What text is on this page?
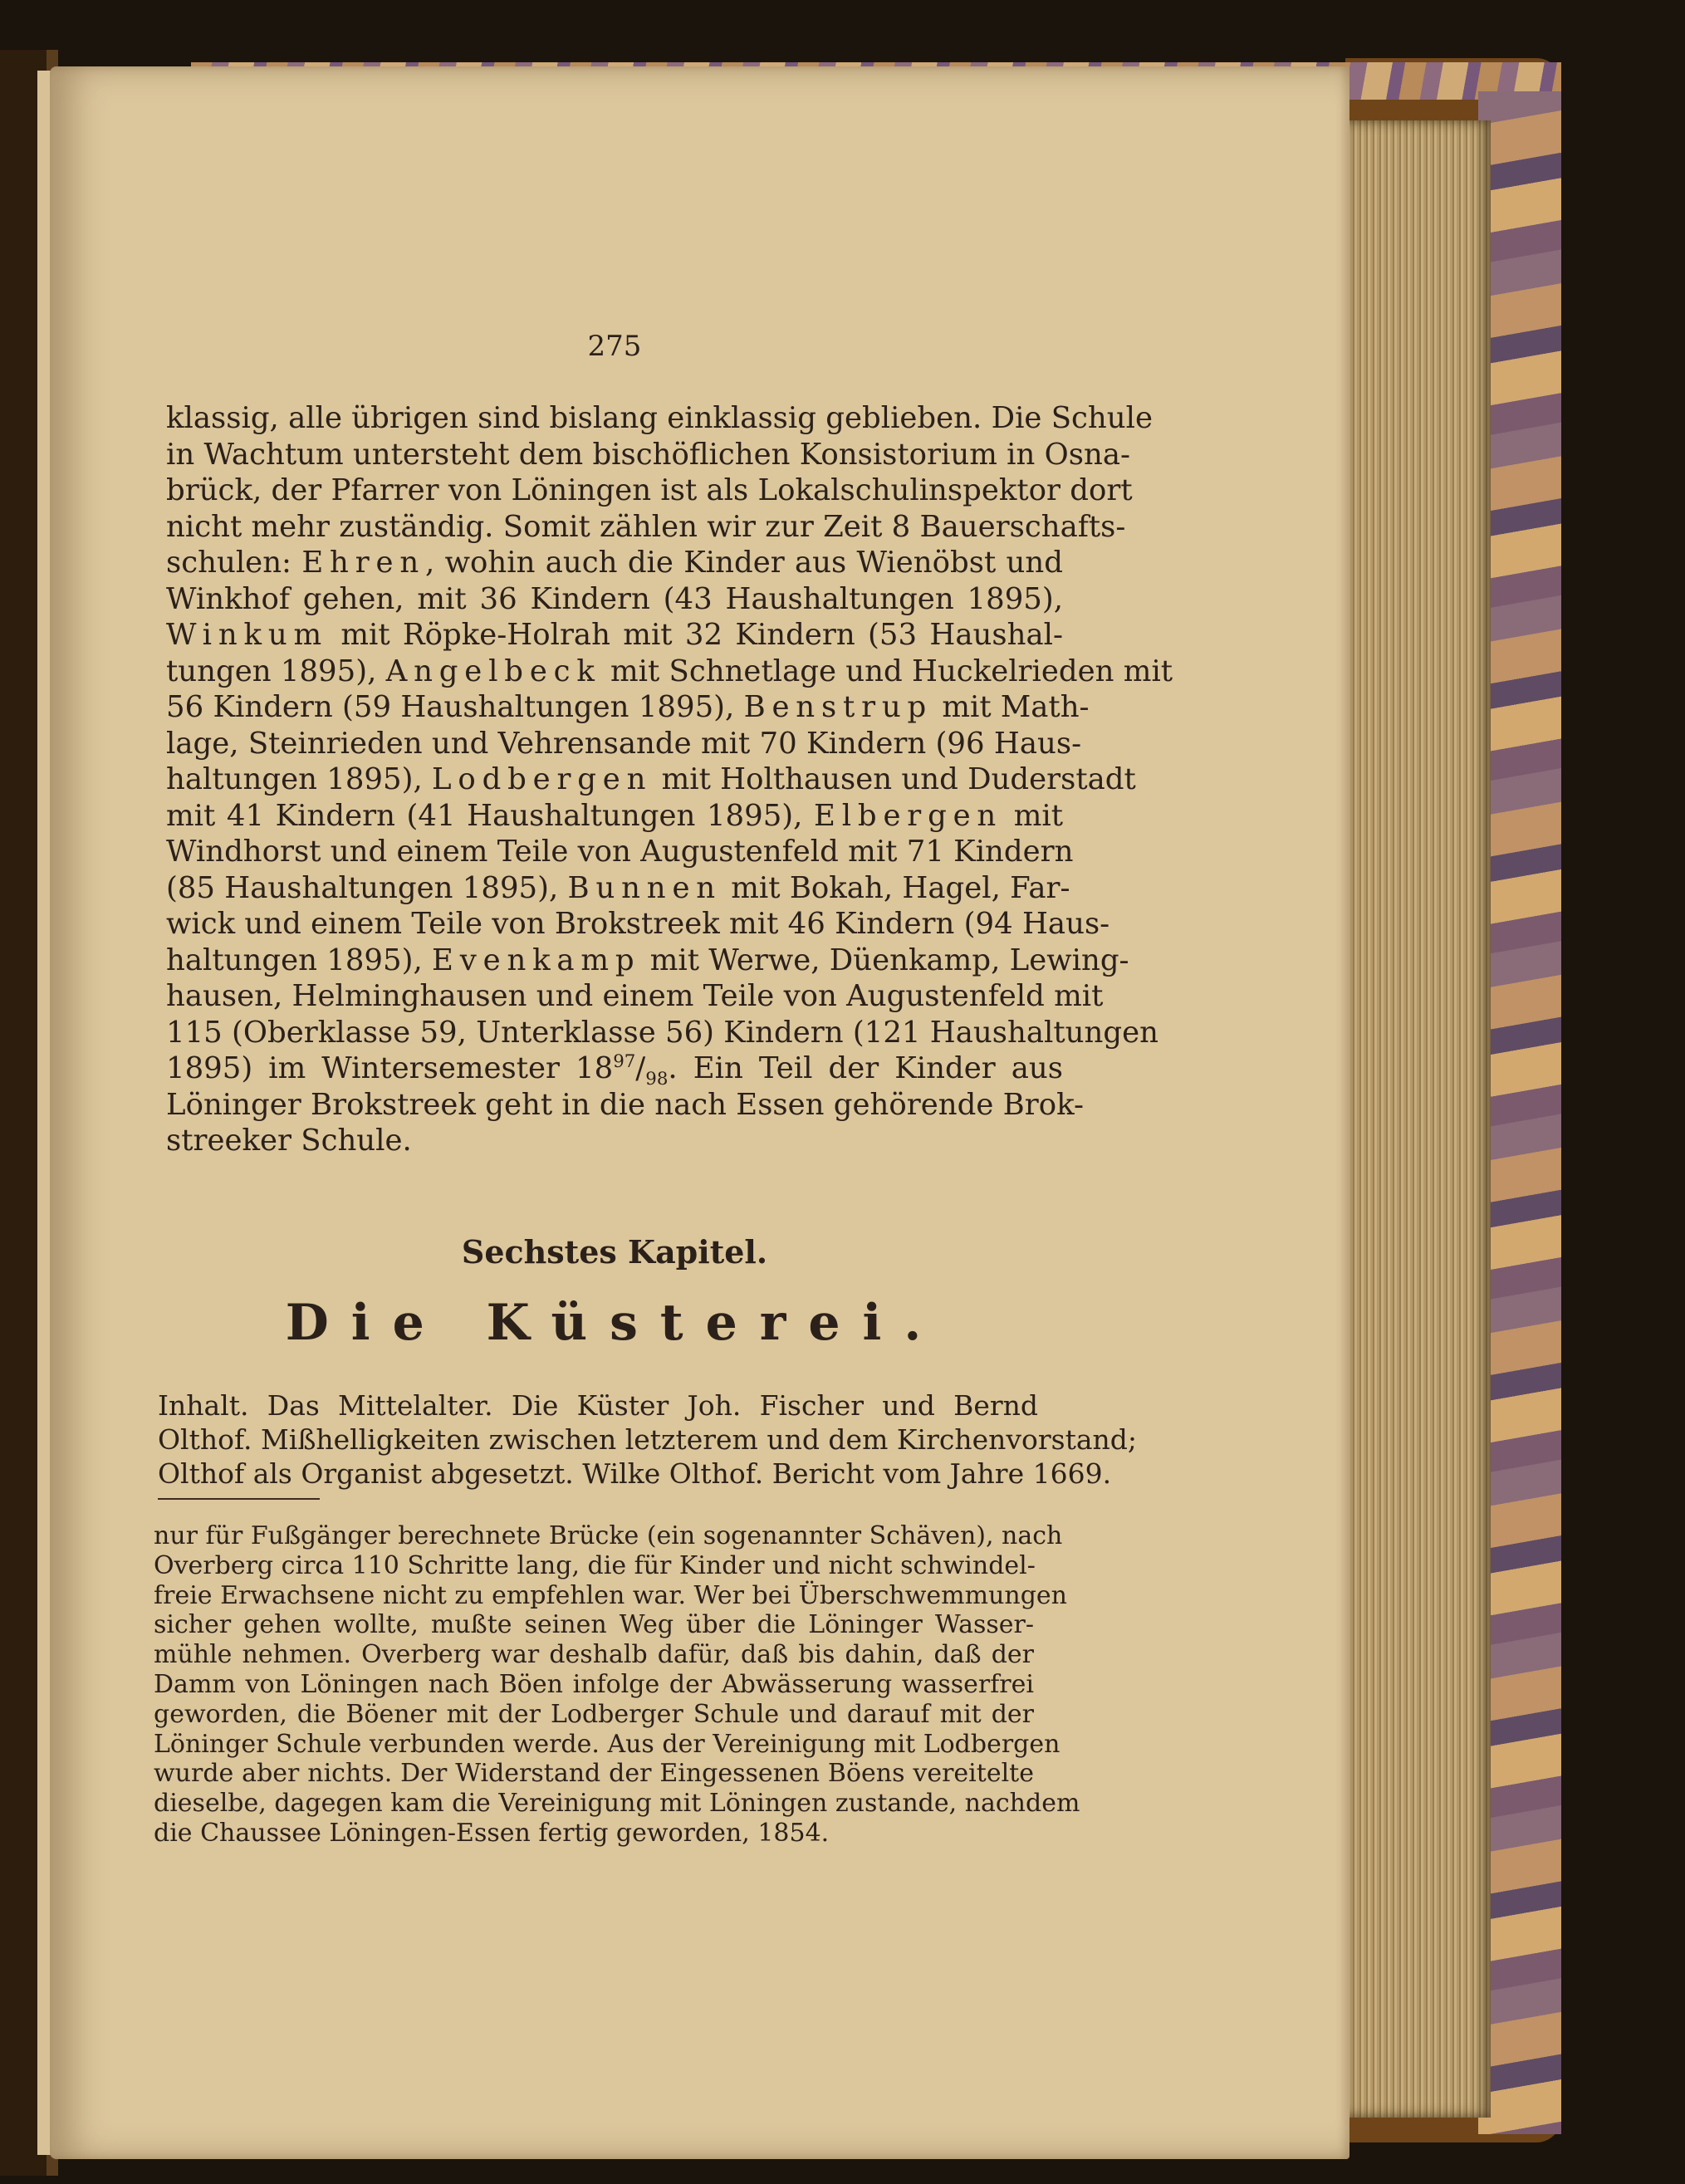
275
klassig, alle übrigen sind bislang einklassig geblieben. Die Schule
in Wachtum untersteht dem bischöflichen Konsistorium in Osna-
brück, der Pfarrer von Löningen ist als Lokalschulinspektor dort
nicht mehr zuständig. Somit zählen wir zur Zeit 8 Bauerschafts-
schulen: Ehren, wohin auch die Kinder aus Wienöbst und
Winkhof gehen, mit 36 Kindern (43 Haushaltungen 1895),
Winkum mit Röpke-Holrah mit 32 Kindern (53 Haushal-
tungen 1895), Angelbeck mit Schnetlage und Huckelrieden mit
56 Kindern (59 Haushaltungen 1895), Benstrup mit Math-
lage, Steinrieden und Vehrensande mit 70 Kindern (96 Haus-
haltungen 1895), Lodbergen mit Holthausen und Duderstadt
mit 41 Kindern (41 Haushaltungen 1895), Elbergen mit
Windhorst und einem Teile von Augustenfeld mit 71 Kindern
(85 Haushaltungen 1895), Bunnen mit Bokah, Hagel, Far-
wick und einem Teile von Brokstreek mit 46 Kindern (94 Haus-
haltungen 1895), Evenkamp mit Werwe, Düenkamp, Lewing-
hausen, Helminghausen und einem Teile von Augustenfeld mit
115 (Oberklasse 59, Unterklasse 56) Kindern (121 Haushaltungen
1895) im Wintersemester $18^{97}/_{98}$. Ein Teil der Kinder aus
Löninger Brokstreek geht in die nach Essen gehörende Brok-
streeker Schule.
Sechstes Kapitel.
Die Küsterei.
Inhalt. Das Mittelalter. Die Küster Joh. Fischer und Bernd
Olthof. Mißhelligkeiten zwischen letzterem und dem Kirchenvorstand;
Olthof als Organist abgesetzt. Wilke Olthof. Bericht vom Jahre 1669.
nur für Fußgänger berechnete Brücke (ein sogenannter Schäven), nach
Overberg circa 110 Schritte lang, die für Kinder und nicht schwindel-
freie Erwachsene nicht zu empfehlen war. Wer bei Überschwemmungen
sicher gehen wollte, mußte seinen Weg über die Löninger Wasser-
mühle nehmen. Overberg war deshalb dafür, daß bis dahin, daß der
Damm von Löningen nach Böen infolge der Abwässerung wasserfrei
geworden, die Böener mit der Lodberger Schule und darauf mit der
Löninger Schule verbunden werde. Aus der Vereinigung mit Lodbergen
wurde aber nichts. Der Widerstand der Eingessenen Böens vereitelte
dieselbe, dagegen kam die Vereinigung mit Löningen zustande, nachdem
die Chaussee Löningen-Essen fertig geworden, 1854.
